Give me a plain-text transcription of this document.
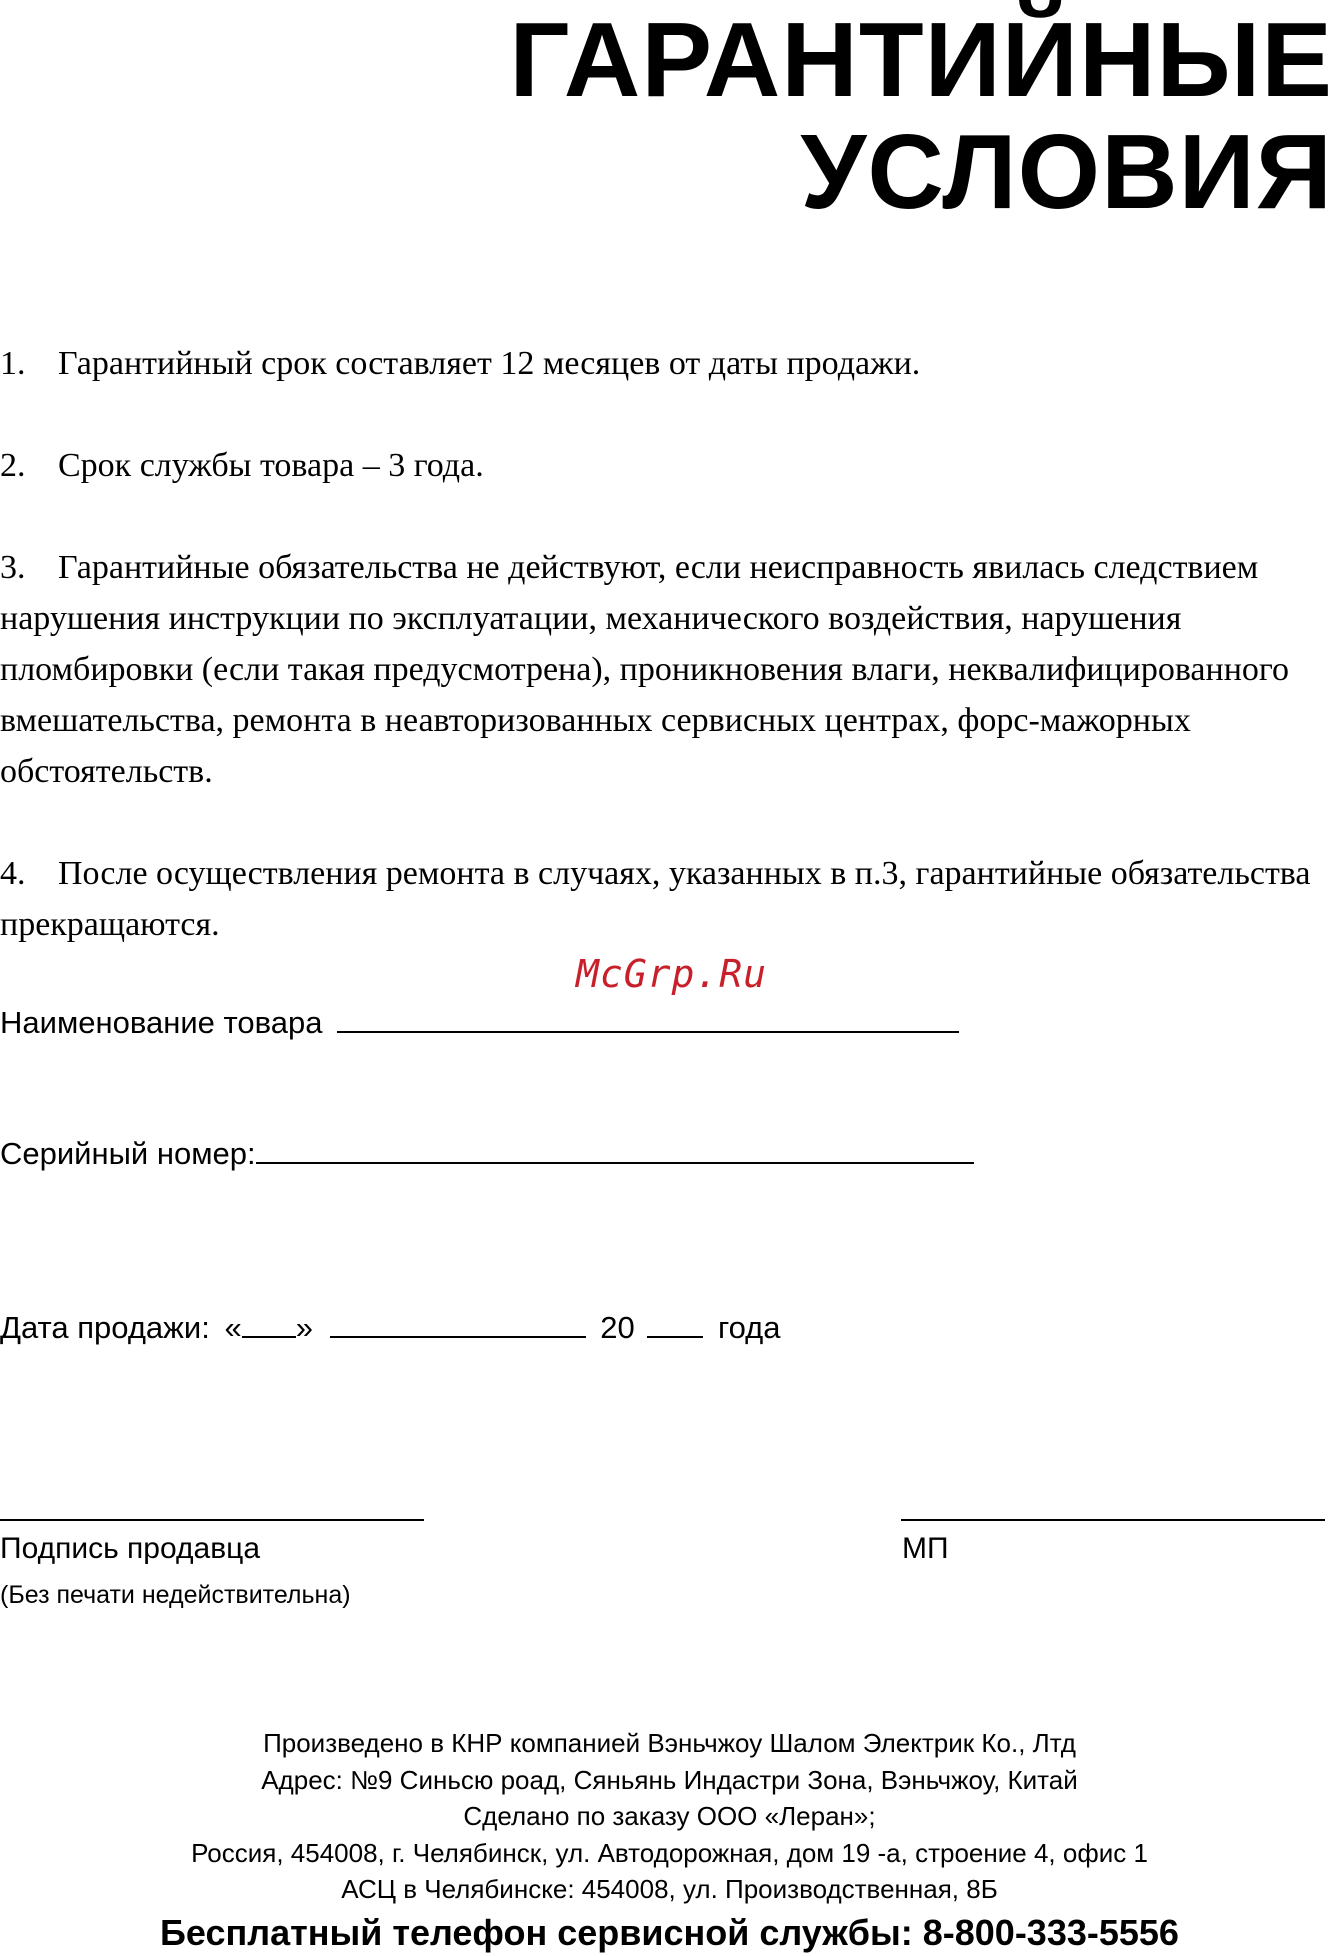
ГАРАНТИЙНЫЕ
УСЛОВИЯ

1. Гарантийный срок составляет 12 месяцев от даты продажи.

2. Срок службы товара – 3 года.

3. Гарантийные обязательства не действуют, если неисправность явилась следствием нарушения инструкции по эксплуатации, механического воздействия, нарушения пломбировки (если такая предусмотрена), проникновения влаги, неквалифицированного вмешательства, ремонта в неавторизованных сервисных центрах, форс-мажорных обстоятельств.

4. После осуществления ремонта в случаях, указанных в п.3, гарантийные обязательства прекращаются.

McGrp.Ru
Наименование товара
Серийный номер:
Дата продажи: « »	20	года
Подпись продавца
(Без печати недействительна)
МП
Произведено в КНР компанией Вэньчжоу Шалом Электрик Ко., Лтд
Адрес: №9 Синьсю роад, Сяньянь Индастри Зона, Вэньчжоу, Китай
Сделано по заказу ООО «Леран»;
Россия, 454008, г. Челябинск, ул. Автодорожная, дом 19 -а, строение 4, офис 1
АСЦ в Челябинске: 454008, ул. Производственная, 8Б
Бесплатный телефон сервисной службы: 8-800-333-5556
